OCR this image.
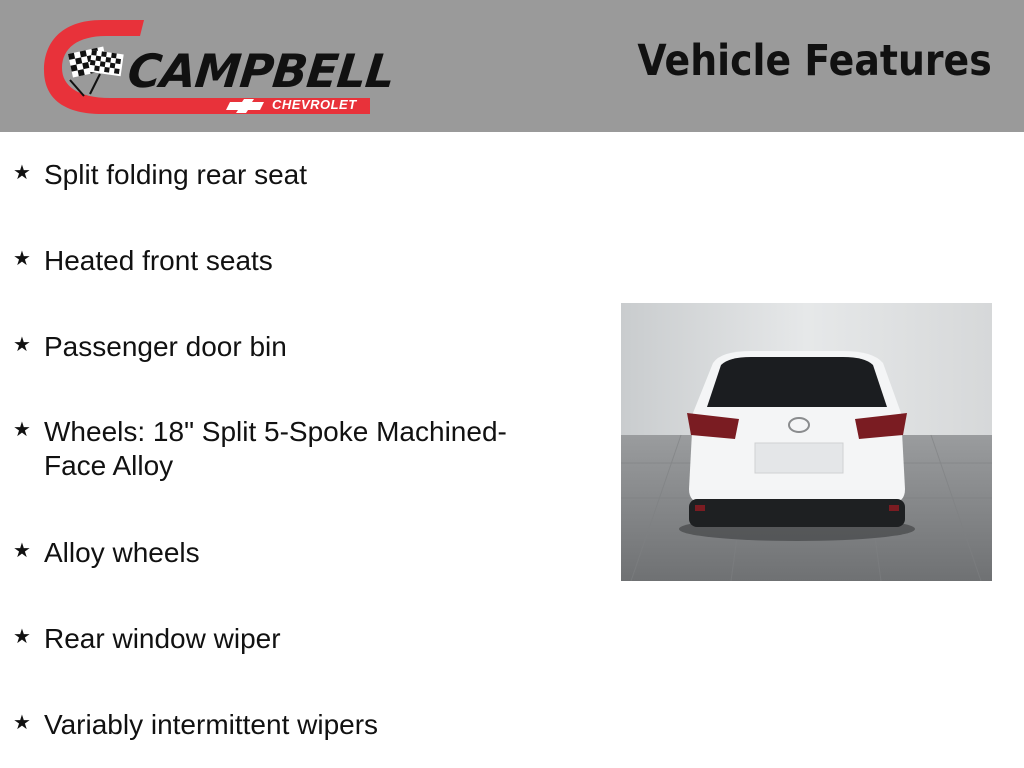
CAMPBELL
CHEVROLET
Vehicle Features
★ Split folding rear seat
★ Heated front seats
★ Passenger door bin
★ Wheels: 18" Split 5-Spoke Machined-Face Alloy
★ Alloy wheels
★ Rear window wiper
★ Variably intermittent wipers
